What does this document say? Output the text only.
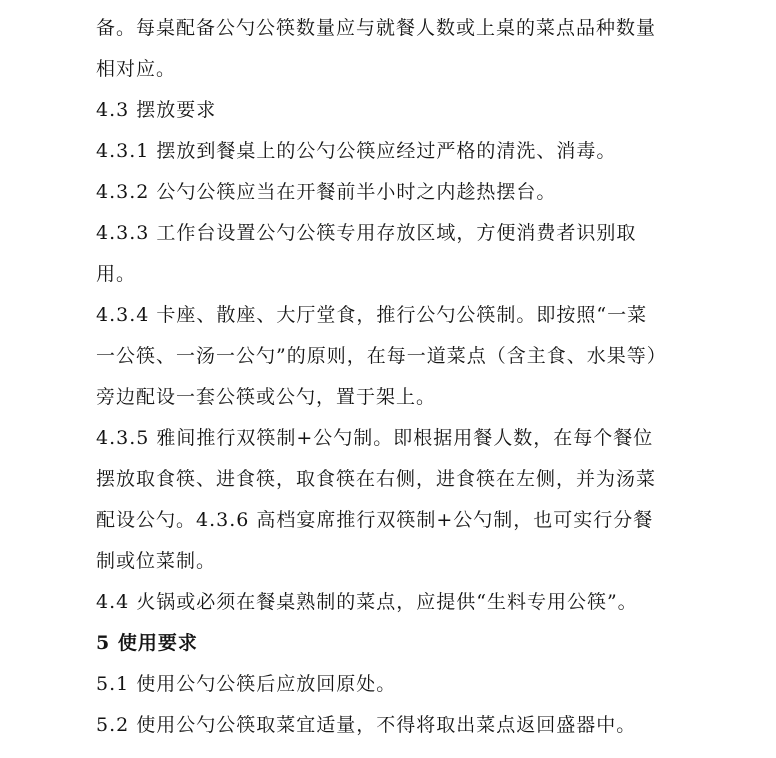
备。每桌配备公勺公筷数量应与就餐人数或上桌的菜点品种数量
相对应。
4.3 摆放要求
4.3.1 摆放到餐桌上的公勺公筷应经过严格的清洗、消毒。
4.3.2 公勺公筷应当在开餐前半小时之内趁热摆台。
4.3.3 工作台设置公勺公筷专用存放区域，方便消费者识别取
用。
4.3.4 卡座、散座、大厅堂食，推行公勺公筷制。即按照“一菜
一公筷、一汤一公勺”的原则，在每一道菜点（含主食、水果等）
旁边配设一套公筷或公勺，置于架上。
4.3.5 雅间推行双筷制+公勺制。即根据用餐人数，在每个餐位
摆放取食筷、进食筷，取食筷在右侧，进食筷在左侧，并为汤菜
配设公勺。4.3.6 高档宴席推行双筷制+公勺制，也可实行分餐
制或位菜制。
4.4 火锅或必须在餐桌熟制的菜点，应提供“生料专用公筷”。
5 使用要求
5.1 使用公勺公筷后应放回原处。
5.2 使用公勺公筷取菜宜适量，不得将取出菜点返回盛器中。
